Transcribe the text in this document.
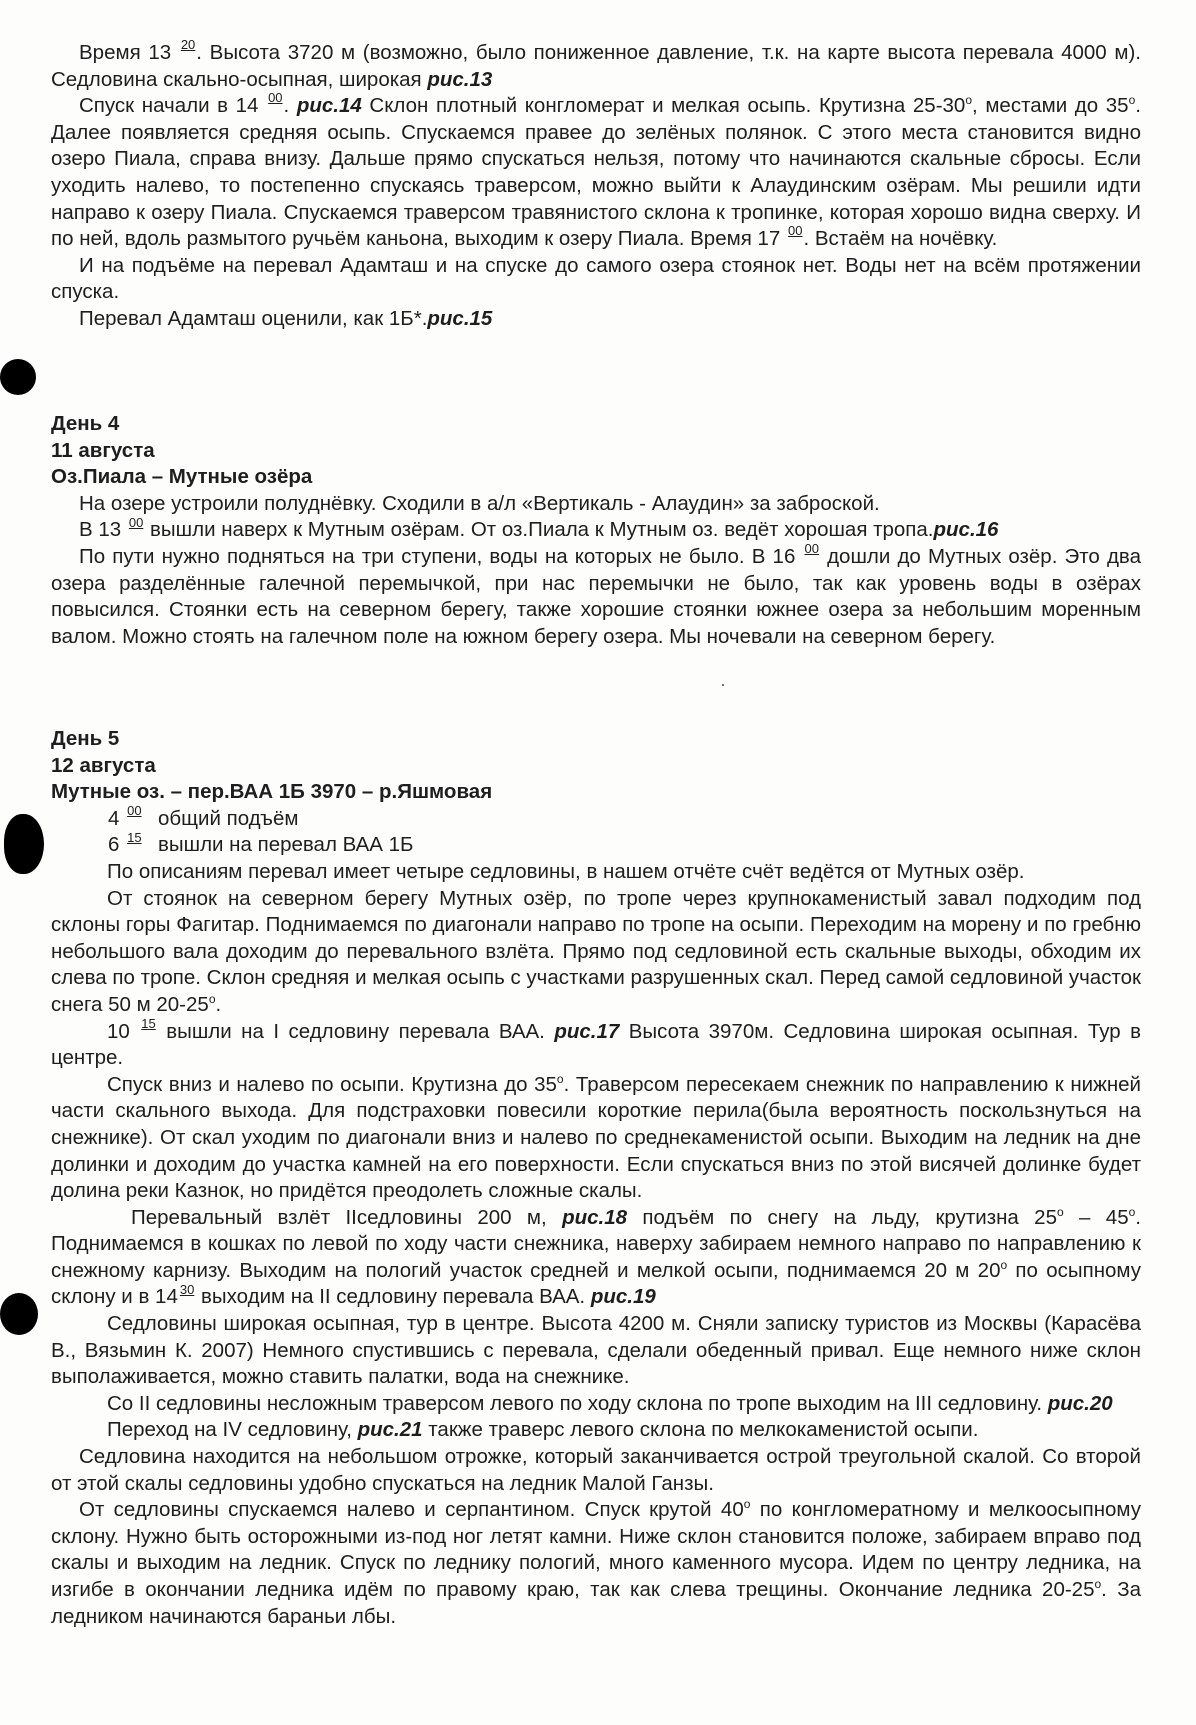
Время 13 $^{20}$. Высота 3720 м (возможно, было пониженное давление, т.к. на карте высота перевала 4000 м). Седловина скально-осыпная, широкая рис.13

Спуск начали в 14 $^{00}$. рис.14 Склон плотный конгломерат и мелкая осыпь. Крутизна 25-30$^o$, местами до 35$^o$. Далее появляется средняя осыпь. Спускаемся правее до зелёных полянок. С этого места становится видно озеро Пиала, справа внизу. Дальше прямо спускаться нельзя, потому что начинаются скальные сбросы. Если уходить налево, то постепенно спускаясь траверсом, можно выйти к Алаудинским озёрам. Мы решили идти направо к озеру Пиала. Спускаемся траверсом травянистого склона к тропинке, которая хорошо видна сверху. И по ней, вдоль размытого ручьём каньона, выходим к озеру Пиала. Время 17 $^{00}$. Встаём на ночёвку.

И на подъёме на перевал Адамташ и на спуске до самого озера стоянок нет. Воды нет на всём протяжении спуска.

Перевал Адамташ оценили, как 1Б*.рис.15

День 4

11 августа

Оз.Пиала – Мутные озёра

На озере устроили полуднёвку. Сходили в а/л «Вертикаль - Алаудин» за заброской.

В 13 $^{00}$ вышли наверх к Мутным озёрам. От оз.Пиала к Мутным оз. ведёт хорошая тропа.рис.16

По пути нужно подняться на три ступени, воды на которых не было. В 16 $^{00}$ дошли до Мутных озёр. Это два озера разделённые галечной перемычкой, при нас перемычки не было, так как уровень воды в озёрах повысился. Стоянки есть на северном берегу, также хорошие стоянки южнее озера за небольшим моренным валом. Можно стоять на галечном поле на южном берегу озера. Мы ночевали на северном берегу.

День 5

12 августа

Мутные оз. – пер.ВАА 1Б 3970 – р.Яшмовая

4 $^{00}$ общий подъём

6 $^{15}$ вышли на перевал ВАА 1Б

По описаниям перевал имеет четыре седловины, в нашем отчёте счёт ведётся от Мутных озёр.

От стоянок на северном берегу Мутных озёр, по тропе через крупнокаменистый завал подходим под склоны горы Фагитар. Поднимаемся по диагонали направо по тропе на осыпи. Переходим на морену и по гребню небольшого вала доходим до перевального взлёта. Прямо под седловиной есть скальные выходы, обходим их слева по тропе. Склон средняя и мелкая осыпь с участками разрушенных скал. Перед самой седловиной участок снега 50 м 20-25$^o$.

10 $^{15}$ вышли на I седловину перевала ВАА. рис.17 Высота 3970м. Седловина широкая осыпная. Тур в центре.

Спуск вниз и налево по осыпи. Крутизна до 35$^o$. Траверсом пересекаем снежник по направлению к нижней части скального выхода. Для подстраховки повесили короткие перила(была вероятность поскользнуться на снежнике). От скал уходим по диагонали вниз и налево по среднекаменистой осыпи. Выходим на ледник на дне долинки и доходим до участка камней на его поверхности. Если спускаться вниз по этой висячей долинке будет долина реки Казнок, но придётся преодолеть сложные скалы.

Перевальный взлёт IIседловины 200 м, рис.18 подъём по снегу на льду, крутизна 25$^o$ – 45$^o$. Поднимаемся в кошках по левой по ходу части снежника, наверху забираем немного направо по направлению к снежному карнизу. Выходим на пологий участок средней и мелкой осыпи, поднимаемся 20 м 20$^o$ по осыпному склону и в 14 $^{30}$ выходим на II седловину перевала ВАА. рис.19

Седловины широкая осыпная, тур в центре. Высота 4200 м. Сняли записку туристов из Москвы (Карасёва В., Вязьмин К. 2007) Немного спустившись с перевала, сделали обеденный привал. Еще немного ниже склон выполаживается, можно ставить палатки, вода на снежнике.

Со II седловины несложным траверсом левого по ходу склона по тропе выходим на III седловину. рис.20

Переход на IV седловину, рис.21 также траверс левого склона по мелкокаменистой осыпи.

Седловина находится на небольшом отрожке, который заканчивается острой треугольной скалой. Со второй от этой скалы седловины удобно спускаться на ледник Малой Ганзы.

От седловины спускаемся налево и серпантином. Спуск крутой 40$^o$ по конгломератному и мелкоосыпному склону. Нужно быть осторожными из-под ног летят камни. Ниже склон становится положе, забираем вправо под скалы и выходим на ледник. Спуск по леднику пологий, много каменного мусора. Идем по центру ледника, на изгибе в окончании ледника идём по правому краю, так как слева трещины. Окончание ледника 20-25$^o$. За ледником начинаются бараньи лбы.
